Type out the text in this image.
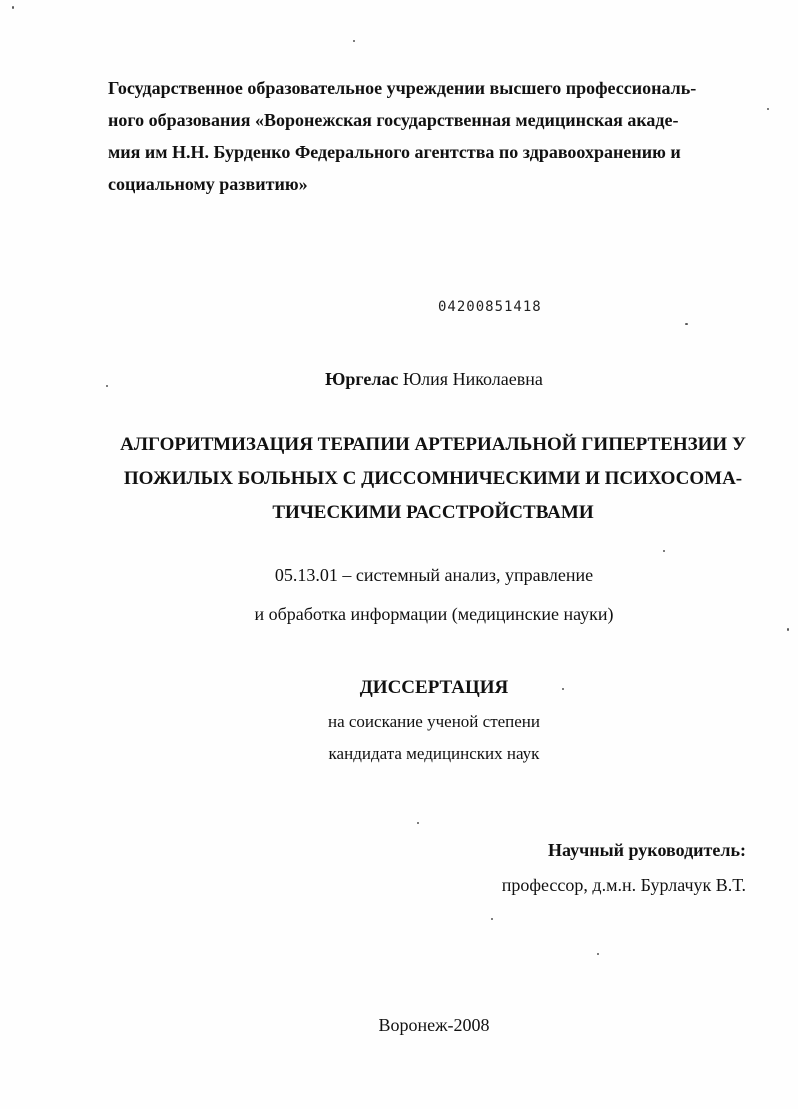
Государственное образовательное учреждении высшего профессиональ-
ного образования «Воронежская государственная медицинская акаде-
мия им Н.Н. Бурденко Федерального агентства по здравоохранению и
социальному развитию»
04200851418
Юргелас Юлия Николаевна
АЛГОРИТМИЗАЦИЯ ТЕРАПИИ АРТЕРИАЛЬНОЙ ГИПЕРТЕНЗИИ У
ПОЖИЛЫХ БОЛЬНЫХ С ДИССОМНИЧЕСКИМИ И ПСИХОСОМА-
ТИЧЕСКИМИ РАССТРОЙСТВАМИ
05.13.01 – системный анализ, управление
и обработка информации (медицинские науки)
ДИССЕРТАЦИЯ
на соискание ученой степени
кандидата медицинских наук
Научный руководитель:
профессор, д.м.н. Бурлачук В.Т.
Воронеж-2008
